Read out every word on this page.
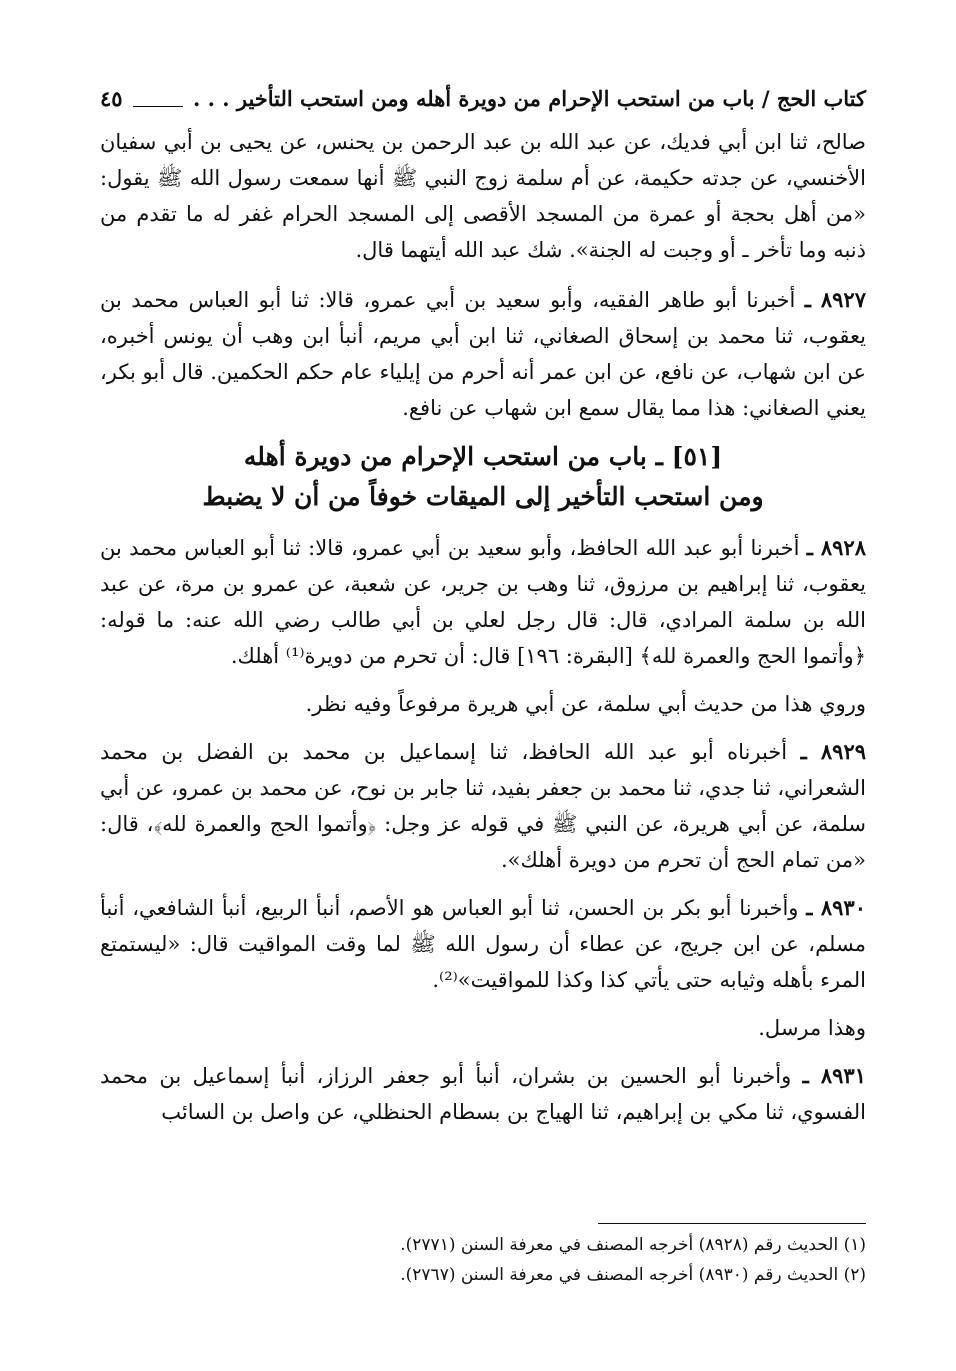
كتاب الحج / باب من استحب الإحرام من دويرة أهله ومن استحب التأخير . . .
٤٥

صالح، ثنا ابن أبي فديك، عن عبد الله بن عبد الرحمن بن يحنس، عن يحيى بن أبي سفيان الأخنسي، عن جدته حكيمة، عن أم سلمة زوج النبي ﷺ أنها سمعت رسول الله ﷺ يقول: «من أهل بحجة أو عمرة من المسجد الأقصى إلى المسجد الحرام غفر له ما تقدم من ذنبه وما تأخر ـ أو وجبت له الجنة». شك عبد الله أيتهما قال.

٨٩٢٧ ـ أخبرنا أبو طاهر الفقيه، وأبو سعيد بن أبي عمرو، قالا: ثنا أبو العباس محمد بن يعقوب، ثنا محمد بن إسحاق الصغاني، ثنا ابن أبي مريم، أنبأ ابن وهب أن يونس أخبره، عن ابن شهاب، عن نافع، عن ابن عمر أنه أحرم من إيلياء عام حكم الحكمين. قال أبو بكر، يعني الصغاني: هذا مما يقال سمع ابن شهاب عن نافع.

[٥١] ـ باب من استحب الإحرام من دويرة أهله
ومن استحب التأخير إلى الميقات خوفاً من أن لا يضبط

٨٩٢٨ ـ أخبرنا أبو عبد الله الحافظ، وأبو سعيد بن أبي عمرو، قالا: ثنا أبو العباس محمد بن يعقوب، ثنا إبراهيم بن مرزوق، ثنا وهب بن جرير، عن شعبة، عن عمرو بن مرة، عن عبد الله بن سلمة المرادي، قال: قال رجل لعلي بن أبي طالب رضي الله عنه: ما قوله: ﴿وأتموا الحج والعمرة لله﴾ [البقرة: ١٩٦] قال: أن تحرم من دويرة⁽¹⁾ أهلك.

وروي هذا من حديث أبي سلمة، عن أبي هريرة مرفوعاً وفيه نظر.

٨٩٢٩ ـ أخبرناه أبو عبد الله الحافظ، ثنا إسماعيل بن محمد بن الفضل بن محمد الشعراني، ثنا جدي، ثنا محمد بن جعفر بفيد، ثنا جابر بن نوح، عن محمد بن عمرو، عن أبي سلمة، عن أبي هريرة، عن النبي ﷺ في قوله عز وجل: ﴿وأتموا الحج والعمرة لله﴾، قال: «من تمام الحج أن تحرم من دويرة أهلك».

٨٩٣٠ ـ وأخبرنا أبو بكر بن الحسن، ثنا أبو العباس هو الأصم، أنبأ الربيع، أنبأ الشافعي، أنبأ مسلم، عن ابن جريج، عن عطاء أن رسول الله ﷺ لما وقت المواقيت قال: «ليستمتع المرء بأهله وثيابه حتى يأتي كذا وكذا للمواقيت»⁽²⁾.

وهذا مرسل.

٨٩٣١ ـ وأخبرنا أبو الحسين بن بشران، أنبأ أبو جعفر الرزاز، أنبأ إسماعيل بن محمد الفسوي، ثنا مكي بن إبراهيم، ثنا الهياج بن بسطام الحنظلي، عن واصل بن السائب

(١) الحديث رقم (٨٩٢٨) أخرجه المصنف في معرفة السنن (٢٧٧١).

(٢) الحديث رقم (٨٩٣٠) أخرجه المصنف في معرفة السنن (٢٧٦٧).
